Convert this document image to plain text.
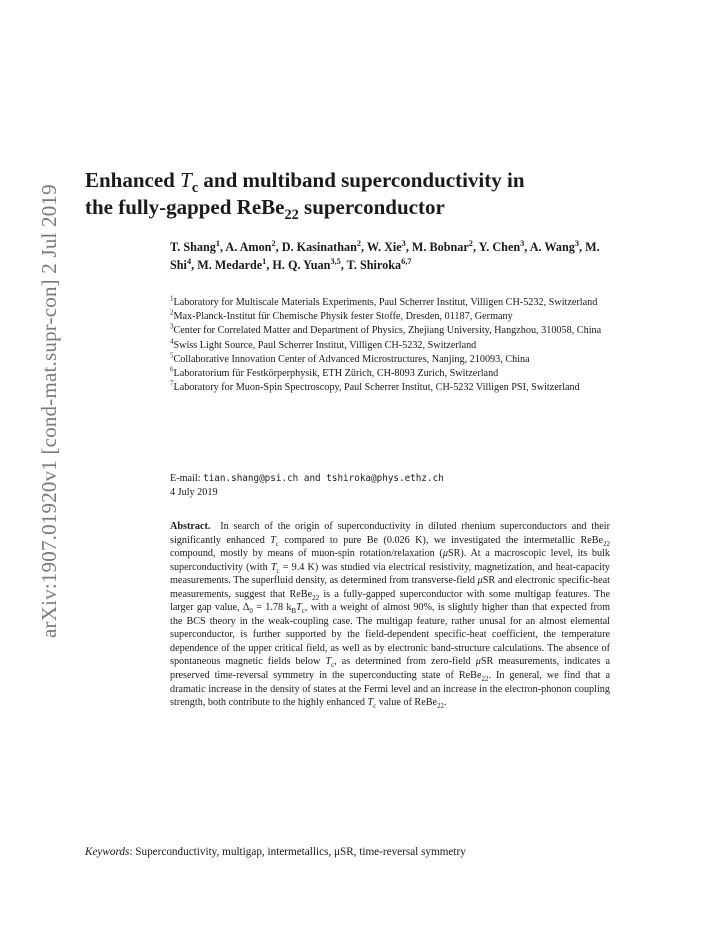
arXiv:1907.01920v1 [cond-mat.supr-con] 2 Jul 2019
Enhanced $T_c$ and multiband superconductivity in
the fully-gapped ReBe$_{22}$ superconductor
T. Shang$^1$, A. Amon$^2$, D. Kasinathan$^2$, W. Xie$^3$, M. Bobnar$^2$, Y. Chen$^3$, A. Wang$^3$, M. Shi$^4$, M. Medarde$^1$, H. Q. Yuan$^{3,5}$, T. Shiroka$^{6,7}$

$^1$Laboratory for Multiscale Materials Experiments, Paul Scherrer Institut, Villigen CH-5232, Switzerland

$^2$Max-Planck-Institut für Chemische Physik fester Stoffe, Dresden, 01187, Germany

$^3$Center for Correlated Matter and Department of Physics, Zhejiang University, Hangzhou, 310058, China

$^4$Swiss Light Source, Paul Scherrer Institut, Villigen CH-5232, Switzerland

$^5$Collaborative Innovation Center of Advanced Microstructures, Nanjing, 210093, China

$^6$Laboratorium für Festkörperphysik, ETH Zürich, CH-8093 Zurich, Switzerland

$^7$Laboratory for Muon-Spin Spectroscopy, Paul Scherrer Institut, CH-5232 Villigen PSI, Switzerland

E-mail: tian.shang@psi.ch and tshiroka@phys.ethz.ch
4 July 2019
Abstract. In search of the origin of superconductivity in diluted rhenium superconductors and their significantly enhanced $T_c$ compared to pure Be (0.026 K), we investigated the intermetallic ReBe$_{22}$ compound, mostly by means of muon-spin rotation/relaxation (μSR). At a macroscopic level, its bulk superconductivity (with $T_c = 9.4$ K) was studied via electrical resistivity, magnetization, and heat-capacity measurements. The superfluid density, as determined from transverse-field μSR and electronic specific-heat measurements, suggest that ReBe$_{22}$ is a fully-gapped superconductor with some multigap features. The larger gap value, $\Delta_0 = 1.78$ $k_BT_c$, with a weight of almost 90%, is slightly higher than that expected from the BCS theory in the weak-coupling case. The multigap feature, rather unusal for an almost elemental superconductor, is further supported by the field-dependent specific-heat coefficient, the temperature dependence of the upper critical field, as well as by electronic band-structure calculations. The absence of spontaneous magnetic fields below $T_c$, as determined from zero-field μSR measurements, indicates a preserved time-reversal symmetry in the superconducting state of ReBe$_{22}$. In general, we find that a dramatic increase in the density of states at the Fermi level and an increase in the electron-phonon coupling strength, both contribute to the highly enhanced $T_c$ value of ReBe$_{22}$.
Keywords: Superconductivity, multigap, intermetallics, μSR, time-reversal symmetry
